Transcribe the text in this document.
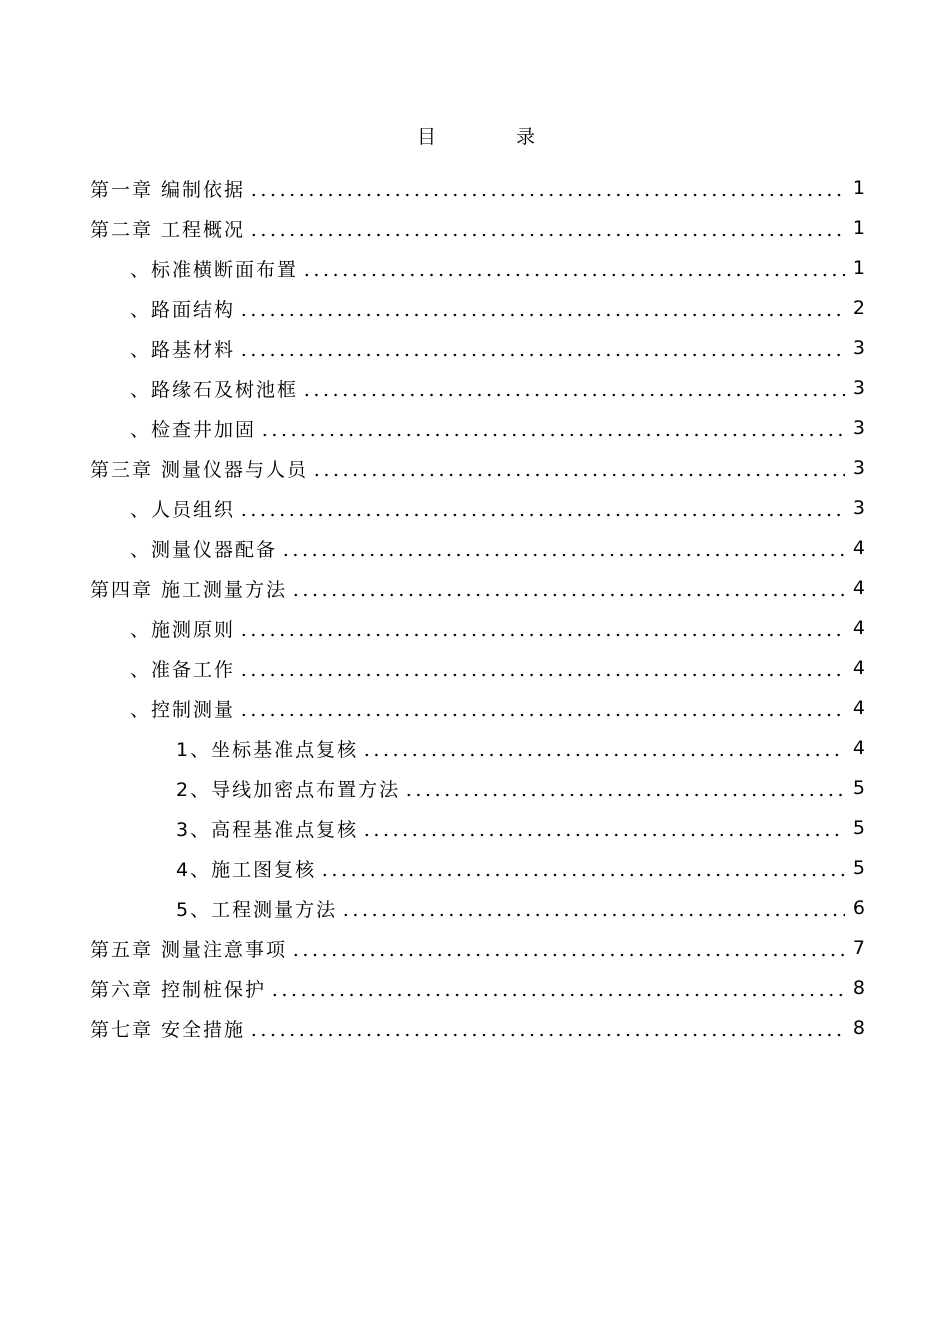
目	录
第一章 编制依据	1
第二章 工程概况	1
、标准横断面布置	1
、路面结构	2
、路基材料	3
、路缘石及树池框	3
、检查井加固	3
第三章 测量仪器与人员	3
、人员组织	3
、测量仪器配备	4
第四章 施工测量方法	4
、施测原则	4
、准备工作	4
、控制测量	4
1、坐标基准点复核	4
2、导线加密点布置方法	5
3、高程基准点复核	5
4、施工图复核	5
5、工程测量方法	6
第五章 测量注意事项	7
第六章 控制桩保护	8
第七章 安全措施	8
